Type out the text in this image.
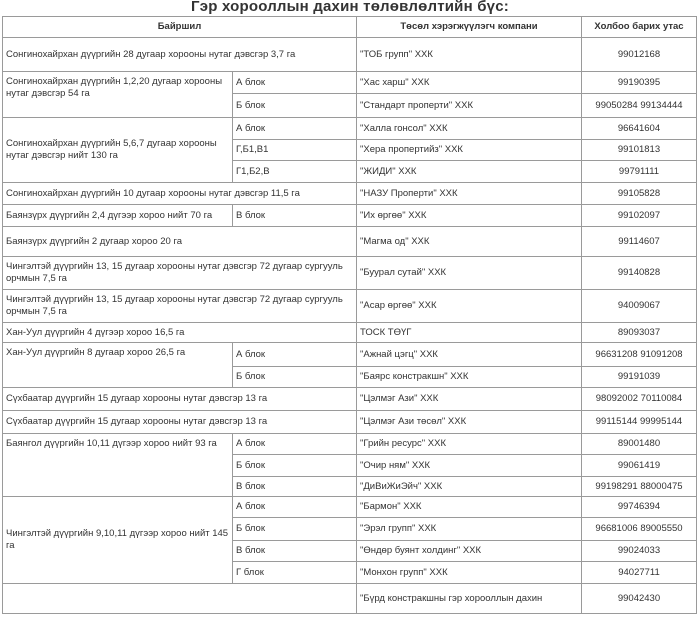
Гэр хорооллын дахин төлөвлөлтийн бүс:
Байршил		Төсөл хэрэгжүүлэгч компани	Холбоо барих утас
Сонгинохайрхан дүүргийн 28 дугаар хорооны нутаг дэвсгэр 3,7 га		"ТОБ групп" ХХК	99012168
Сонгинохайрхан дүүргийн 1,2,20 дугаар хорооны нутаг дэвсгэр 54 га	А блок	"Хас харш" ХХК	99190395
	Б блок	"Стандарт проперти" ХХК	99050284 99134444
Сонгинохайрхан дүүргийн 5,6,7 дугаар хорооны нутаг дэвсгэр нийт 130 га	А блок	"Халла гонсол" ХХК	96641604
	Г,Б1,В1	"Хера пропертийз" ХХК	99101813
	Г1,Б2,В	"ЖИДИ" ХХК	99791111
Сонгинохайрхан дүүргийн 10 дугаар хорооны нутаг дэвсгэр 11,5 га		"НАЗУ Проперти" ХХК	99105828
Баянзүрх дүүргийн 2,4 дүгээр хороо нийт 70 га	В блок	"Их өргөө" ХХК	99102097
Баянзүрх дүүргийн 2 дугаар хороо 20 га		"Магма од" ХХК	99114607
Чингэлтэй дүүргийн 13, 15 дугаар хорооны нутаг дэвсгэр 72 дугаар сургууль орчмын 7,5 га		"Буурал сутай" ХХК	99140828
Чингэлтэй дүүргийн 13, 15 дугаар хорооны нутаг дэвсгэр 72 дугаар сургууль орчмын 7,5 га		"Асар өргөө" ХХК	94009067
Хан-Уул дүүргийн 4 дүгээр хороо 16,5 га		ТОСК ТӨҮГ	89093037
Хан-Уул дүүргийн 8 дугаар хороо 26,5 га	А блок	"Ажнай цэгц" ХХК	96631208 91091208
	Б блок	"Баярс констракшн" ХХК	99191039
Сүхбаатар дүүргийн 15 дугаар хорооны нутаг дэвсгэр 13 га		"Цэлмэг Ази" ХХК	98092002 70110084
Сүхбаатар дүүргийн 15 дугаар хорооны нутаг дэвсгэр 13 га		"Цэлмэг Ази төсөл" ХХК	99115144 99995144
Баянгол дүүргийн 10,11 дүгээр хороо нийт 93 га	А блок	"Грийн ресурс" ХХК	89001480
	Б блок	"Очир ням" ХХК	99061419
	В блок	"ДиВиЖиЭйч" ХХК	99198291 88000475
Чингэлтэй дүүргийн 9,10,11 дүгээр хороо нийт 145 га	А блок	"Бармон" ХХК	99746394
	Б блок	"Эрэл групп" ХХК	96681006 89005550
	В блок	"Өндөр буянт холдинг" ХХК	99024033
	Г блок	"Монхон групп" ХХК	94027711
		"Бүрд констракшны гэр хорооллын дахин	99042430
